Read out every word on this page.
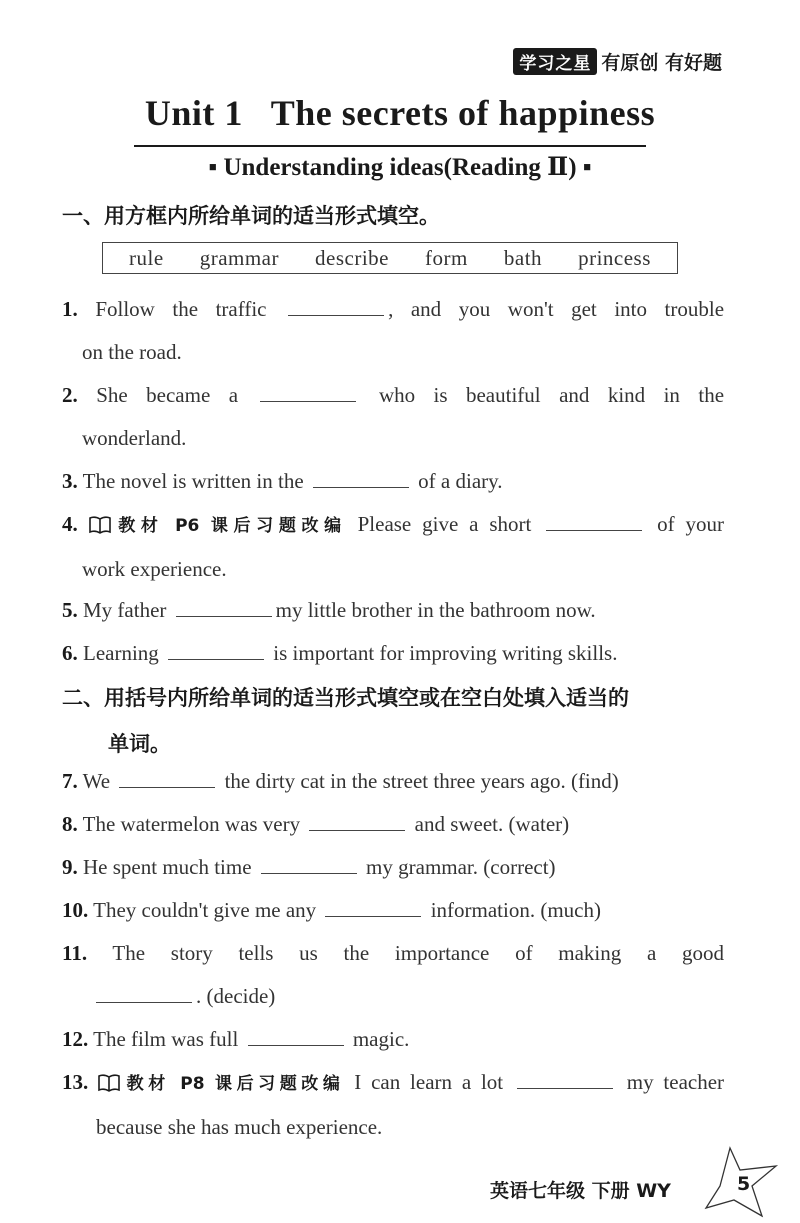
学习之星 有原创 有好题
Unit 1   The secrets of happiness
▪ Understanding ideas(Reading Ⅱ) ▪
一、用方框内所给单词的适当形式填空。
rule grammar describe form bath princess
1. Follow the traffic	, and you won't get into trouble
on the road.
2. She became a	who is beautiful and kind in the
wonderland.
3. The novel is written in the	of a diary.
4. 教材 P6 课后习题改编 Please give a short	of your
work experience.
5. My father	my little brother in the bathroom now.
6. Learning	is important for improving writing skills.
二、用括号内所给单词的适当形式填空或在空白处填入适当的
单词。
7. We	the dirty cat in the street three years ago. (find)
8. The watermelon was very	and sweet. (water)
9. He spent much time	my grammar. (correct)
10. They couldn't give me any	information. (much)
11. The story tells us the importance of making a good
. (decide)
12. The film was full	magic.
13. 教材 P8 课后习题改编 I can learn a lot	my teacher
because she has much experience.
英语七年级 下册 WY	5
